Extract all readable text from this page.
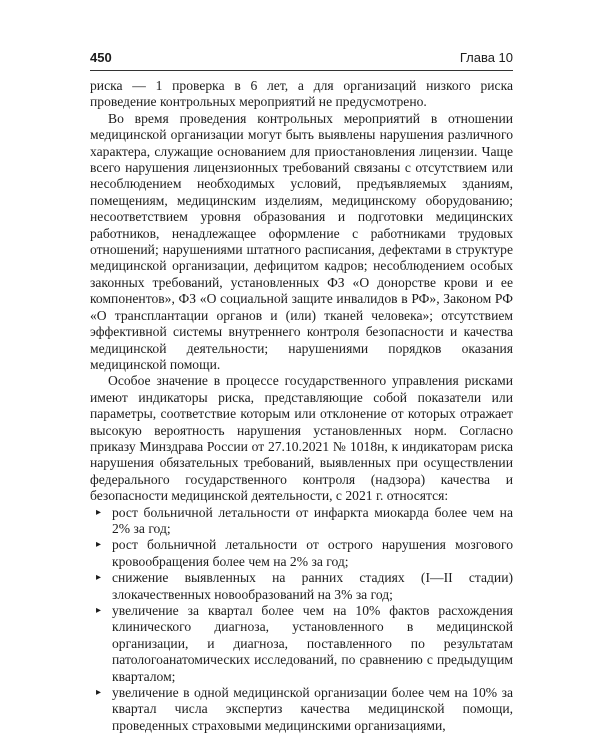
450	Глава 10

риска — 1 проверка в 6 лет, а для организаций низкого риска проведение контрольных мероприятий не предусмотрено.

Во время проведения контрольных мероприятий в отношении медицинской организации могут быть выявлены нарушения различного характера, служащие основанием для приостановления лицензии. Чаще всего нарушения лицензионных требований связаны с отсутствием или несоблюдением необходимых условий, предъявляемых зданиям, помещениям, медицинским изделиям, медицинскому оборудованию; несоответствием уровня образования и подготовки медицинских работников, ненадлежащее оформление с работниками трудовых отношений; нарушениями штатного расписания, дефектами в структуре медицинской организации, дефицитом кадров; несоблюдением особых законных требований, установленных ФЗ «О донорстве крови и ее компонентов», ФЗ «О социальной защите инвалидов в РФ», Законом РФ «О трансплантации органов и (или) тканей человека»; отсутствием эффективной системы внутреннего контроля безопасности и качества медицинской деятельности; нарушениями порядков оказания медицинской помощи.

Особое значение в процессе государственного управления рисками имеют индикаторы риска, представляющие собой показатели или параметры, соответствие которым или отклонение от которых отражает высокую вероятность нарушения установленных норм. Согласно приказу Минздрава России от 27.10.2021 № 1018н, к индикаторам риска нарушения обязательных требований, выявленных при осуществлении федерального государственного контроля (надзора) качества и безопасности медицинской деятельности, с 2021 г. относятся:

▸ рост больничной летальности от инфаркта миокарда более чем на 2% за год;
▸ рост больничной летальности от острого нарушения мозгового кровообращения более чем на 2% за год;
▸ снижение выявленных на ранних стадиях (I—II стадии) злокачественных новообразований на 3% за год;
▸ увеличение за квартал более чем на 10% фактов расхождения клинического диагноза, установленного в медицинской организации, и диагноза, поставленного по результатам патологоанатомических исследований, по сравнению с предыдущим кварталом;
▸ увеличение в одной медицинской организации более чем на 10% за квартал числа экспертиз качества медицинской помощи, проведенных страховыми медицинскими организациями,
